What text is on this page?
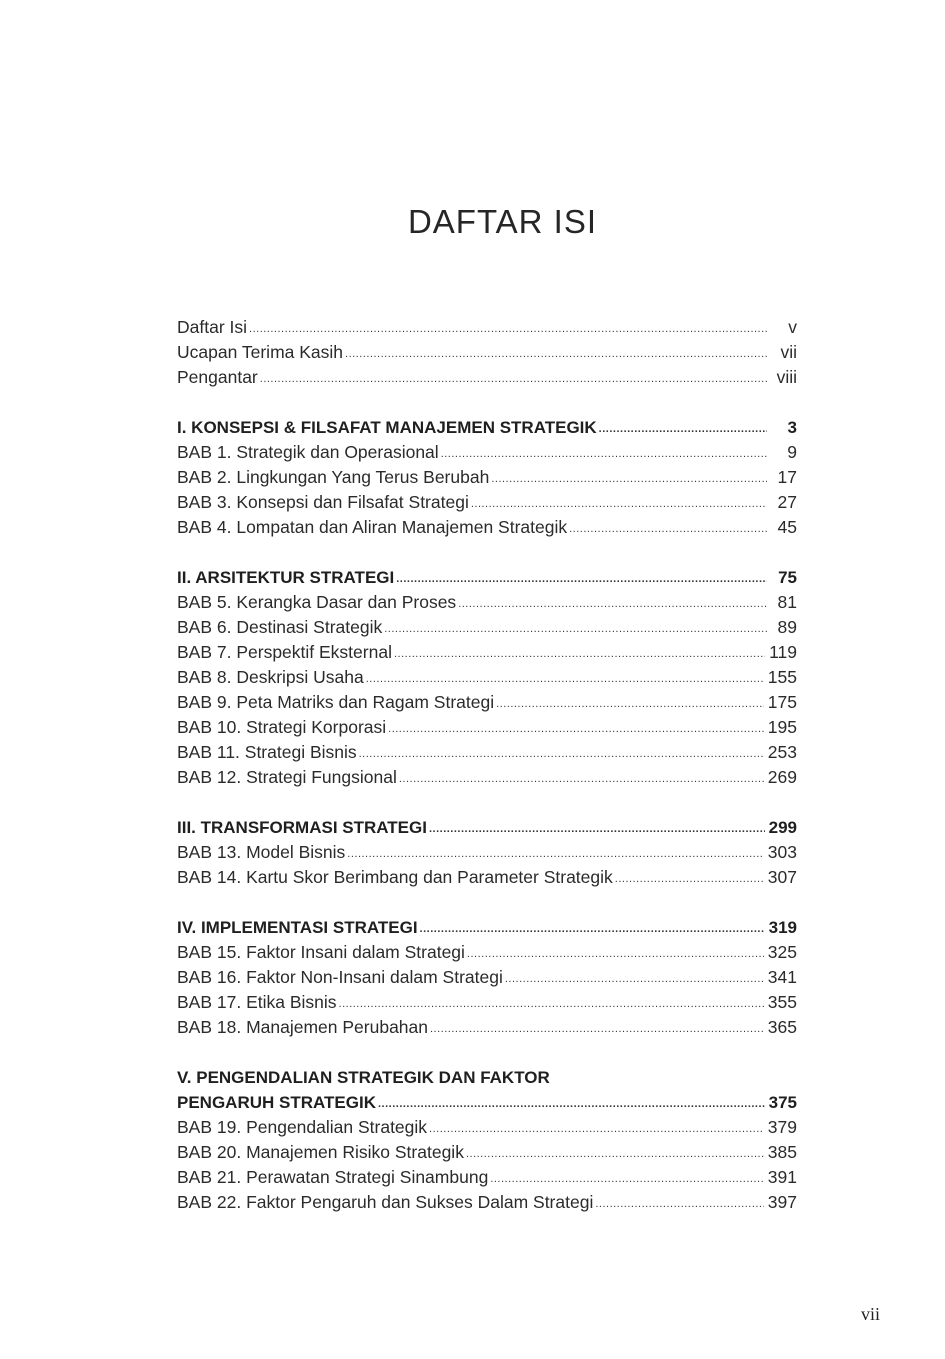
DAFTAR ISI
Daftar Isi .....	v
Ucapan Terima Kasih .....	vii
Pengantar .....	viii
I. KONSEPSI & FILSAFAT MANAJEMEN STRATEGIK .....	3
BAB 1. Strategik dan Operasional .....	9
BAB 2. Lingkungan Yang Terus Berubah .....	17
BAB 3. Konsepsi dan Filsafat Strategi .....	27
BAB 4. Lompatan dan Aliran Manajemen Strategik .....	45
II. ARSITEKTUR STRATEGI .....	75
BAB 5. Kerangka Dasar dan Proses .....	81
BAB 6. Destinasi Strategik .....	89
BAB 7. Perspektif Eksternal .....	119
BAB 8. Deskripsi Usaha .....	155
BAB 9. Peta Matriks dan Ragam Strategi .....	175
BAB 10. Strategi Korporasi .....	195
BAB 11. Strategi Bisnis .....	253
BAB 12. Strategi Fungsional .....	269
III. TRANSFORMASI STRATEGI .....	299
BAB 13. Model Bisnis .....	303
BAB 14. Kartu Skor Berimbang dan Parameter Strategik .....	307
IV. IMPLEMENTASI STRATEGI .....	319
BAB 15. Faktor Insani dalam Strategi .....	325
BAB 16. Faktor Non-Insani dalam Strategi .....	341
BAB 17. Etika Bisnis .....	355
BAB 18. Manajemen Perubahan .....	365
V. PENGENDALIAN STRATEGIK DAN FAKTOR
PENGARUH STRATEGIK .....	375
BAB 19. Pengendalian Strategik .....	379
BAB 20. Manajemen Risiko Strategik .....	385
BAB 21. Perawatan Strategi Sinambung .....	391
BAB 22. Faktor Pengaruh dan Sukses Dalam Strategi .....	397
vii
